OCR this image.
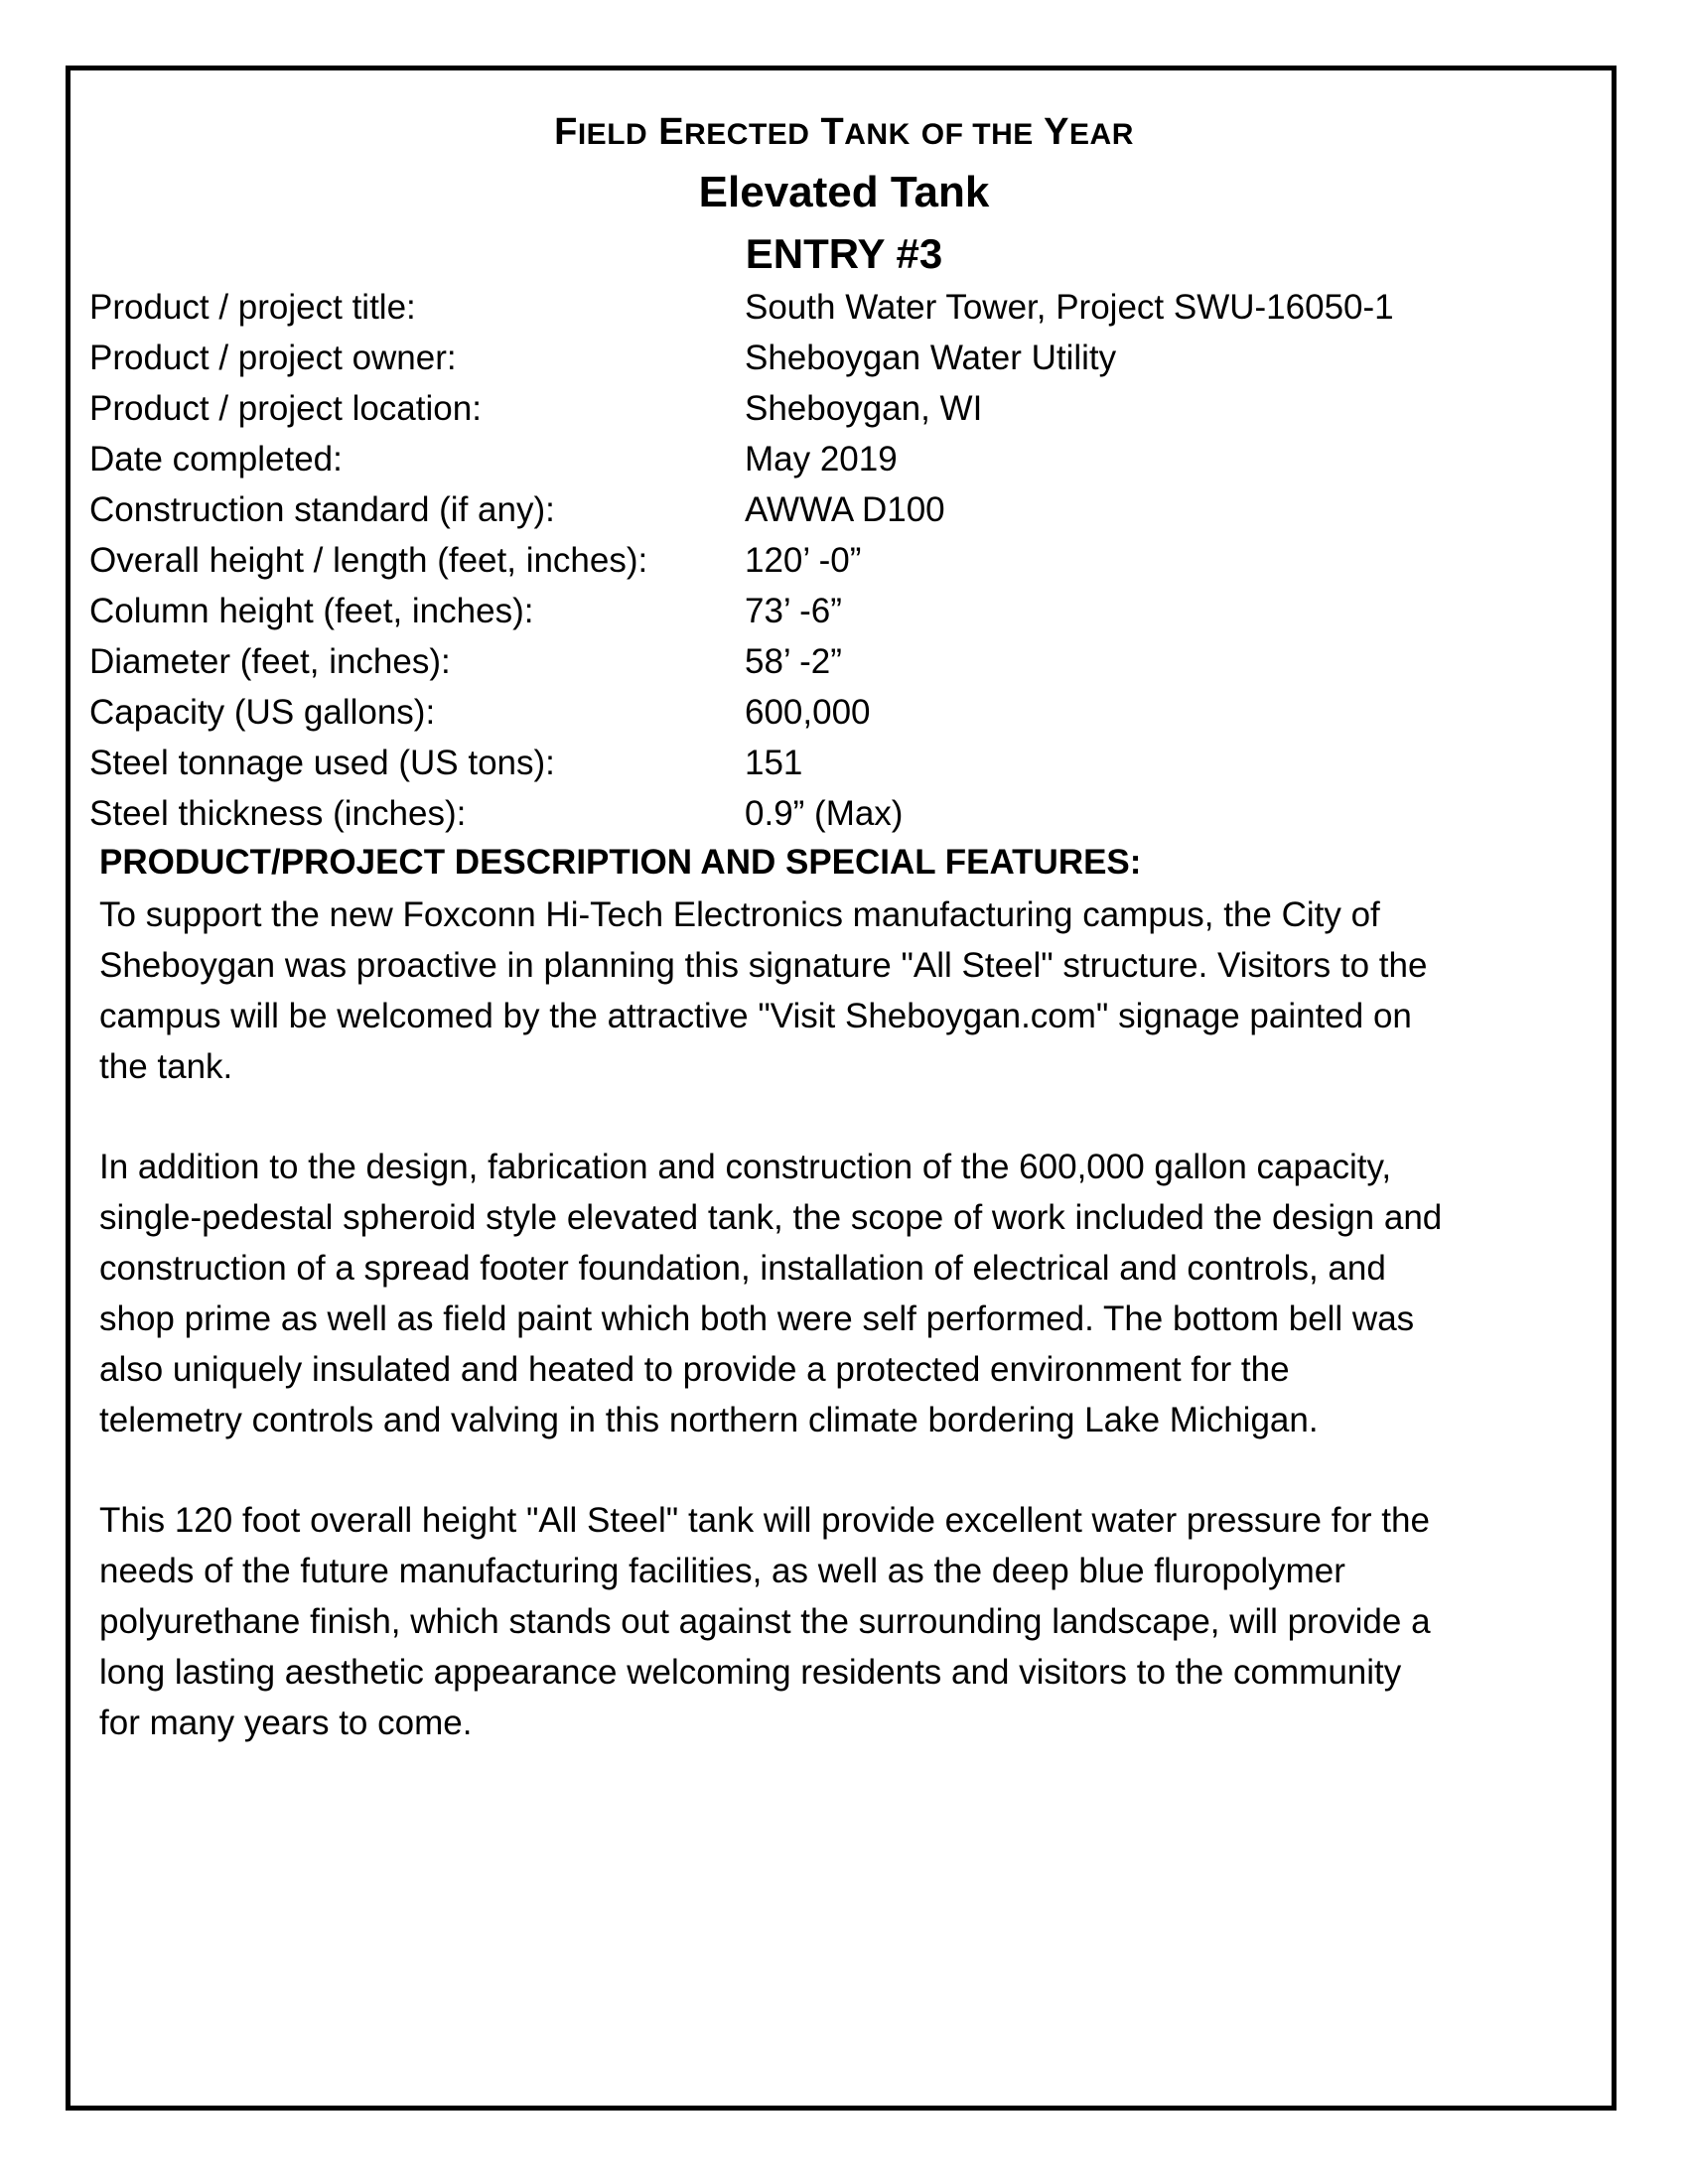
FIELD ERECTED TANK OF THE YEAR
Elevated Tank
ENTRY #3
Product / project title:	South Water Tower, Project SWU-16050-1
Product / project owner:	Sheboygan Water Utility
Product / project location:	Sheboygan, WI
Date completed:	May 2019
Construction standard (if any):	AWWA D100
Overall height / length (feet, inches):	120’ -0”
Column height (feet, inches):	73’ -6”
Diameter (feet, inches):	58’ -2”
Capacity (US gallons):	600,000
Steel tonnage used (US tons):	151
Steel thickness (inches):	0.9” (Max)
PRODUCT/PROJECT DESCRIPTION AND SPECIAL FEATURES:

To support the new Foxconn Hi-Tech Electronics manufacturing campus, the City of
Sheboygan was proactive in planning this signature "All Steel" structure. Visitors to the
campus will be welcomed by the attractive "Visit Sheboygan.com" signage painted on
the tank.

In addition to the design, fabrication and construction of the 600,000 gallon capacity,
single-pedestal spheroid style elevated tank, the scope of work included the design and
construction of a spread footer foundation, installation of electrical and controls, and
shop prime as well as field paint which both were self performed. The bottom bell was
also uniquely insulated and heated to provide a protected environment for the
telemetry controls and valving in this northern climate bordering Lake Michigan.

This 120 foot overall height "All Steel" tank will provide excellent water pressure for the
needs of the future manufacturing facilities, as well as the deep blue fluropolymer
polyurethane finish, which stands out against the surrounding landscape, will provide a
long lasting aesthetic appearance welcoming residents and visitors to the community
for many years to come.
